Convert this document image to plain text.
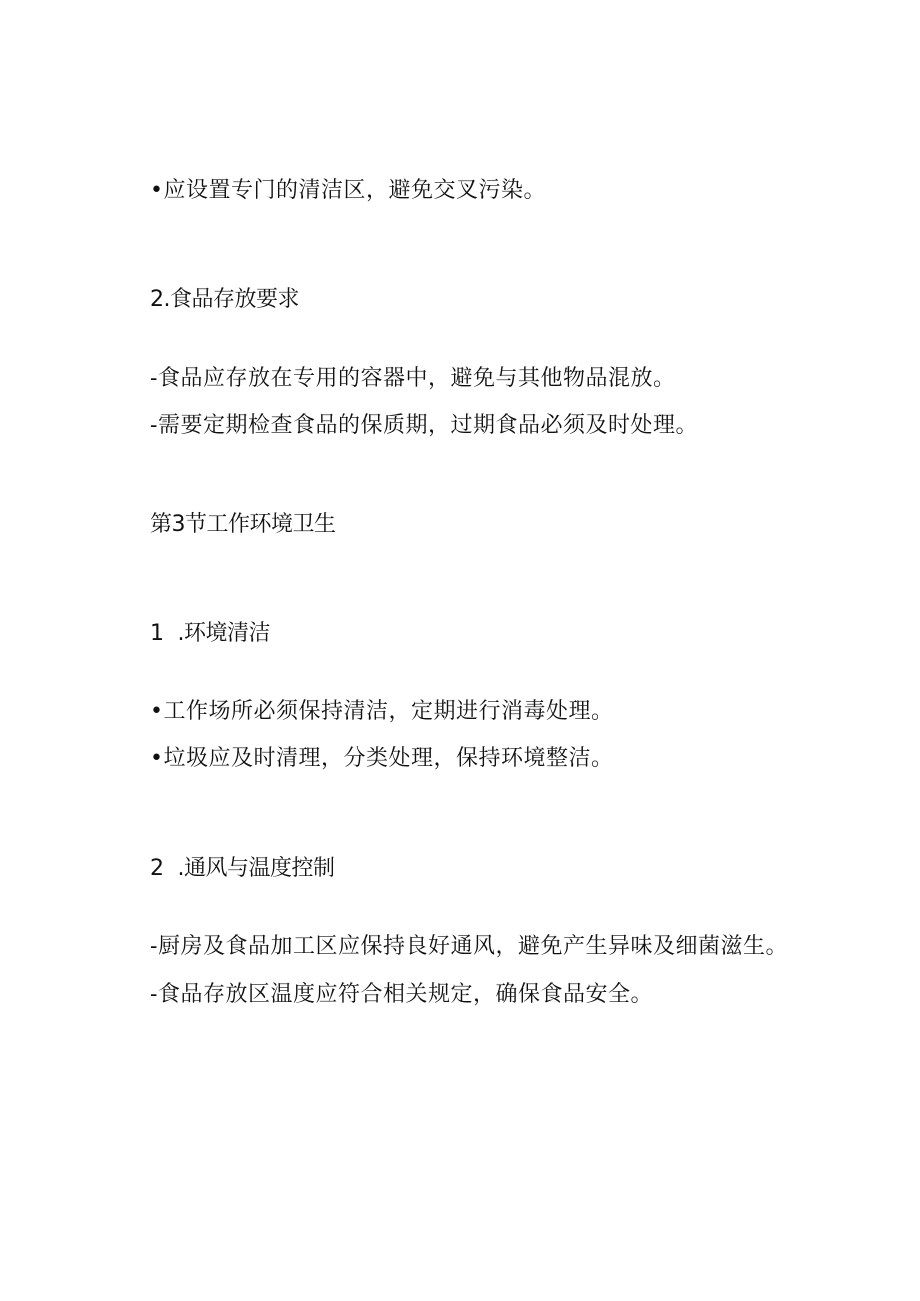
•应设置专门的清洁区，避免交叉污染。
2.食品存放要求
-食品应存放在专用的容器中，避免与其他物品混放。
-需要定期检查食品的保质期，过期食品必须及时处理。
第3节工作环境卫生
1 .环境清洁
•工作场所必须保持清洁，定期进行消毒处理。
•垃圾应及时清理，分类处理，保持环境整洁。
2 .通风与温度控制
-厨房及食品加工区应保持良好通风，避免产生异味及细菌滋生。
-食品存放区温度应符合相关规定，确保食品安全。
